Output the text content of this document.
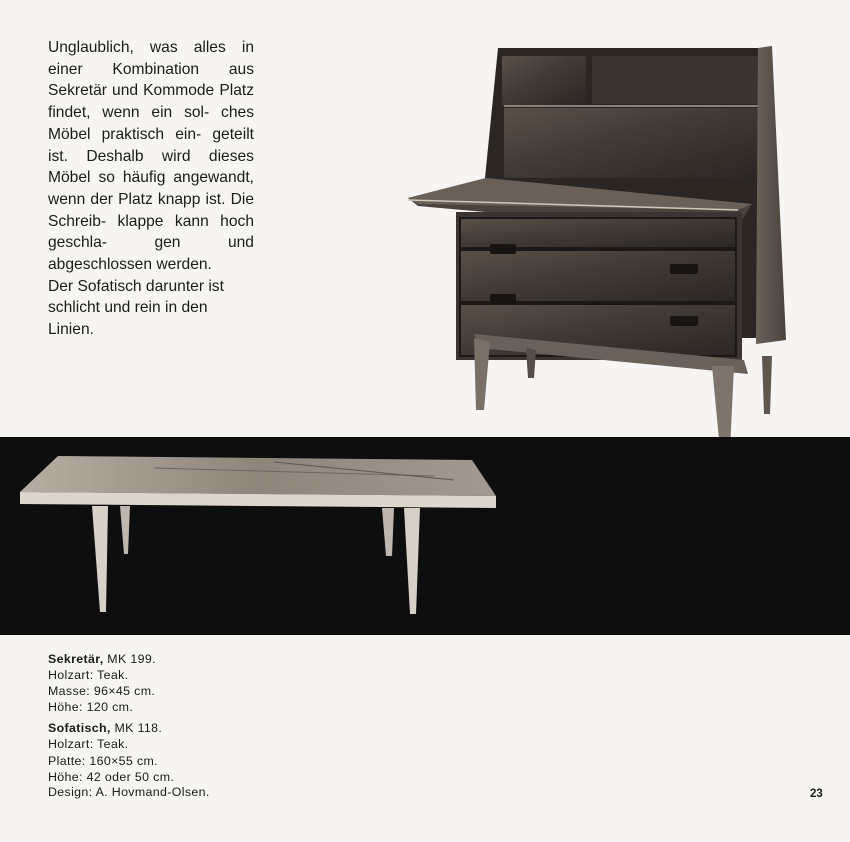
Unglaublich, was alles in einer Kombination aus Sekretär und Kommode Platz findet, wenn ein sol- ches Möbel praktisch ein- geteilt ist. Deshalb wird dieses Möbel so häufig angewandt, wenn der Platz knapp ist. Die Schreib- klappe kann hoch geschla-	gen und abgeschlossen werden.

Der Sofatisch darunter ist schlicht und rein in den Linien.

Sekretär, MK 199.
Holzart: Teak.
Masse: 96×45 cm.
Höhe: 120 cm.
Sofatisch, MK 118.
Holzart: Teak.
Platte: 160×55 cm.
Höhe: 42 oder 50 cm.
Design: A. Hovmand-Olsen.	23
